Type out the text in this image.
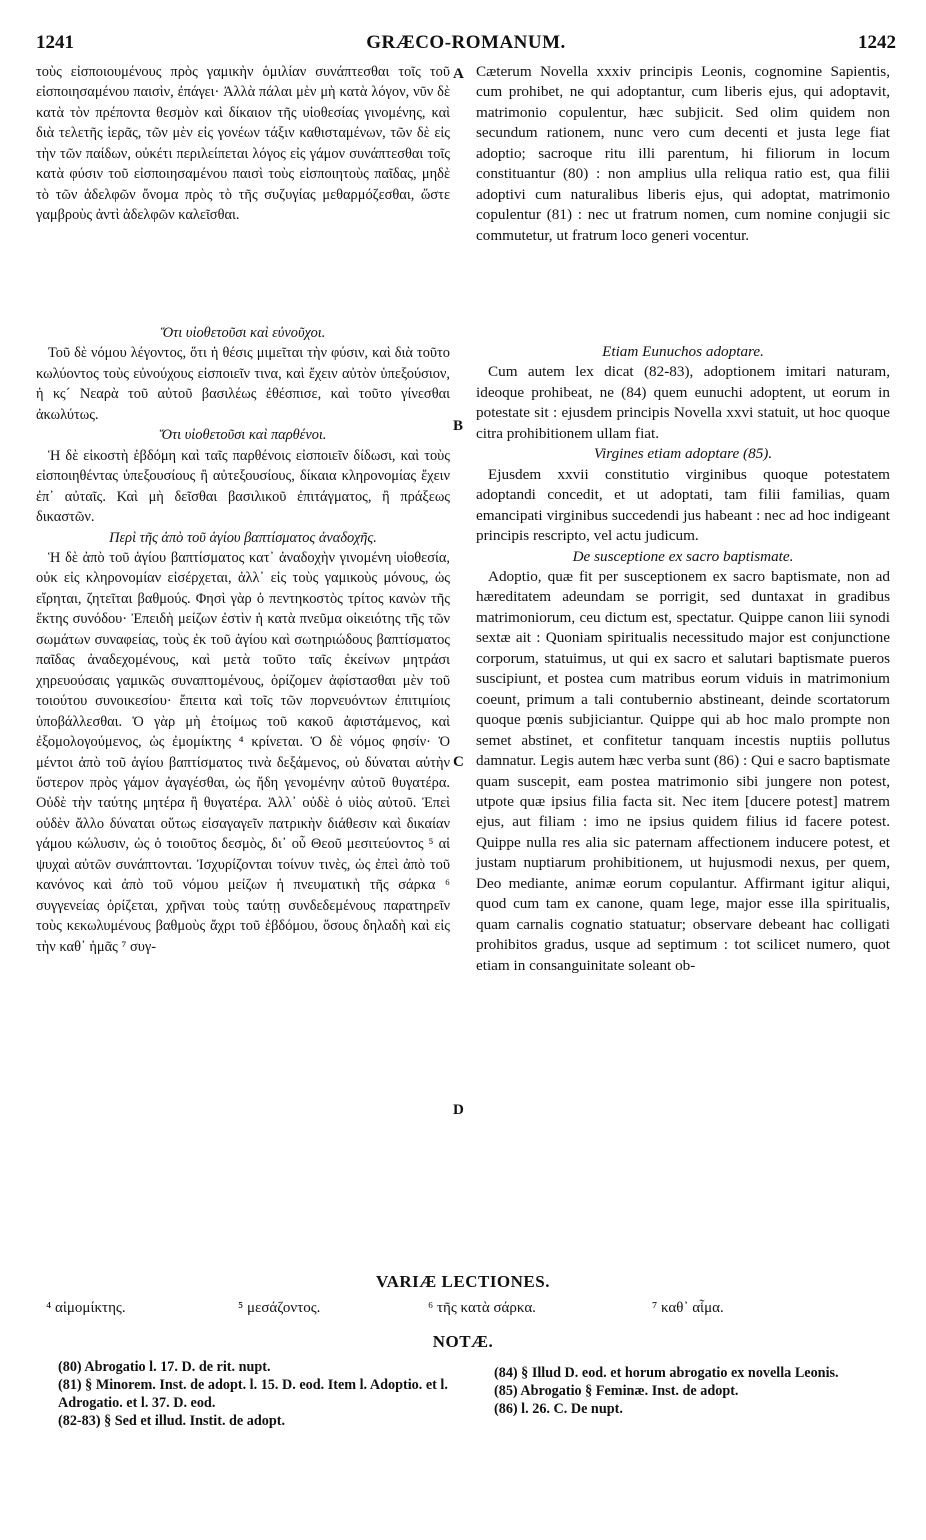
1241	GRÆCO-ROMANUM.	1242

τοὺς εἰσποιουμένους πρὸς γαμικὴν ὁμιλίαν συνάπτεσθαι τοῖς τοῦ εἰσποιησαμένου παισὶν, ἐπάγει· Ἀλλὰ πάλαι μὲν μὴ κατὰ λόγον, νῦν δὲ κατὰ τὸν πρέποντα θεσμὸν καὶ δίκαιον τῆς υἱοθεσίας γινομένης, καὶ διὰ τελετῆς ἱερᾶς, τῶν μὲν εἰς γονέων τάξιν καθισταμένων, τῶν δὲ εἰς τὴν τῶν παίδων, οὐκέτι περιλείπεται λόγος εἰς γάμον συνάπτεσθαι τοῖς κατὰ φύσιν τοῦ εἰσποιησαμένου παισὶ τοὺς εἰσποιητοὺς παῖδας, μηδὲ τὸ τῶν ἀδελφῶν ὄνομα πρὸς τὸ τῆς συζυγίας μεθαρμόζεσθαι, ὥστε γαμβροὺς ἀντὶ ἀδελφῶν καλεῖσθαι.

Ὅτι υἱοθετοῦσι καὶ εὐνοῦχοι.

Τοῦ δὲ νόμου λέγοντος, ὅτι ἡ θέσις μιμεῖται τὴν φύσιν, καὶ διὰ τοῦτο κωλύοντος τοὺς εὐνούχους εἰσποιεῖν τινα, καὶ ἔχειν αὐτὸν ὑπεξούσιον, ἡ κς´ Νεαρὰ τοῦ αὐτοῦ βασιλέως ἐθέσπισε, καὶ τοῦτο γίνεσθαι ἀκωλύτως.

Ὅτι υἱοθετοῦσι καὶ παρθένοι.

Ἡ δὲ εἰκοστὴ ἑβδόμη καὶ ταῖς παρθένοις εἰσποιεῖν δίδωσι, καὶ τοὺς εἰσποιηθέντας ὑπεξουσίους ἢ αὐτεξουσίους, δίκαια κληρονομίας ἔχειν ἐπ᾽ αὐταῖς. Καὶ μὴ δεῖσθαι βασιλικοῦ ἐπιτάγματος, ἢ πράξεως δικαστῶν.

Περὶ τῆς ἀπὸ τοῦ ἁγίου βαπτίσματος ἀναδοχῆς.

Ἡ δὲ ἀπὸ τοῦ ἁγίου βαπτίσματος κατ᾽ ἀναδοχὴν γινομένη υἱοθεσία, οὐκ εἰς κληρονομίαν εἰσέρχεται, ἀλλ᾽ εἰς τοὺς γαμικοὺς μόνους, ὡς εἴρηται, ζητεῖται βαθμούς. Φησὶ γὰρ ὁ πεντηκοστὸς τρίτος κανὼν τῆς ἕκτης συνόδου· Ἐπειδὴ μείζων ἐστὶν ἡ κατὰ πνεῦμα οἰκειότης τῆς τῶν σωμάτων συναφείας, τοὺς ἐκ τοῦ ἁγίου καὶ σωτηριώδους βαπτίσματος παῖδας ἀναδεχομένους, καὶ μετὰ τοῦτο ταῖς ἐκείνων μητράσι χηρευούσαις γαμικῶς συναπτομένους, ὁρίζομεν ἀφίστασθαι μὲν τοῦ τοιούτου συνοικεσίου· ἔπειτα καὶ τοῖς τῶν πορνευόντων ἐπιτιμίοις ὑποβάλλεσθαι. Ὁ γὰρ μὴ ἑτοίμως τοῦ κακοῦ ἀφιστάμενος, καὶ ἐξομολογούμενος, ὡς ἐμομίκτης ⁴ κρίνεται. Ὁ δὲ νόμος φησίν· Ὁ μέντοι ἀπὸ τοῦ ἁγίου βαπτίσματος τινὰ δεξάμενος, οὐ δύναται αὐτὴν ὕστερον πρὸς γάμον ἀγαγέσθαι, ὡς ἤδη γενομένην αὐτοῦ θυγατέρα. Οὐδὲ τὴν ταύτης μητέρα ἢ θυγατέρα. Ἀλλ᾽ οὐδὲ ὁ υἱὸς αὐτοῦ. Ἐπεὶ οὐδὲν ἄλλο δύναται οὕτως εἰσαγαγεῖν πατρικὴν διάθεσιν καὶ δικαίαν γάμου κώλυσιν, ὡς ὁ τοιοῦτος δεσμὸς, δι᾽ οὗ Θεοῦ μεσιτεύοντος ⁵ αἱ ψυχαὶ αὐτῶν συνάπτονται. Ἰσχυρίζονται τοίνυν τινὲς, ὡς ἐπεὶ ἀπὸ τοῦ κανόνος καὶ ἀπὸ τοῦ νόμου μείζων ἡ πνευματικὴ τῆς σάρκα ⁶ συγγενείας ὁρίζεται, χρῆναι τοὺς ταύτῃ συνδεδεμένους παρατηρεῖν τοὺς κεκωλυμένους βαθμοὺς ἄχρι τοῦ ἑβδόμου, ὅσους δηλαδὴ καὶ εἰς τὴν καθ᾽ ἡμᾶς ⁷ συγ-

A
B
C
D

Cæterum Novella xxxiv principis Leonis, cognomine Sapientis, cum prohibet, ne qui adoptantur, cum liberis ejus, qui adoptavit, matrimonio copulentur, hæc subjicit. Sed olim quidem non secundum rationem, nunc vero cum decenti et justa lege fiat adoptio; sacroque ritu illi parentum, hi filiorum in locum constituantur (80) : non amplius ulla reliqua ratio est, qua filii adoptivi cum naturalibus liberis ejus, qui adoptat, matrimonio copulentur (81) : nec ut fratrum nomen, cum nomine conjugii sic commutetur, ut fratrum loco generi vocentur.

Etiam Eunuchos adoptare.

Cum autem lex dicat (82-83), adoptionem imitari naturam, ideoque prohibeat, ne (84) quem eunuchi adoptent, ut eorum in potestate sit : ejusdem principis Novella xxvi statuit, ut hoc quoque citra prohibitionem ullam fiat.

Virgines etiam adoptare (85).

Ejusdem xxvii constitutio virginibus quoque potestatem adoptandi concedit, et ut adoptati, tam filii familias, quam emancipati virginibus succedendi jus habeant : nec ad hoc indigeant principis rescripto, vel actu judicum.

De susceptione ex sacro baptismate.

Adoptio, quæ fit per susceptionem ex sacro baptismate, non ad hæreditatem adeundam se porrigit, sed duntaxat in gradibus matrimoniorum, ceu dictum est, spectatur. Quippe canon liii synodi sextæ ait : Quoniam spiritualis necessitudo major est conjunctione corporum, statuimus, ut qui ex sacro et salutari baptismate pueros suscipiunt, et postea cum matribus eorum viduis in matrimonium coeunt, primum a tali contubernio abstineant, deinde scortatorum quoque pœnis subjiciantur. Quippe qui ab hoc malo prompte non semet abstinet, et confitetur tanquam incestis nuptiis pollutus damnatur. Legis autem hæc verba sunt (86) : Qui e sacro baptismate quam suscepit, eam postea matrimonio sibi jungere non potest, utpote quæ ipsius filia facta sit. Nec item [ducere potest] matrem ejus, aut filiam : imo ne ipsius quidem filius id facere potest. Quippe nulla res alia sic paternam affectionem inducere potest, et justam nuptiarum prohibitionem, ut hujusmodi nexus, per quem, Deo mediante, animæ eorum copulantur. Affirmant igitur aliqui, quod cum tam ex canone, quam lege, major esse illa spiritualis, quam carnalis cognatio statuatur; observare debeant hac colligati prohibitos gradus, usque ad septimum : tot scilicet numero, quot etiam in consanguinitate soleant ob-

VARIÆ LECTIONES.
⁴ αἱμομίκτης.	⁵ μεσάζοντος.	⁶ τῆς κατὰ σάρκα.	⁷ καθ᾽ αἷμα.
NOTÆ.
(80) Abrogatio l. 17. D. de rit. nupt.
(81) § Minorem. Inst. de adopt. l. 15. D. eod. Item l. Adoptio. et l. Adrogatio. et l. 37. D. eod.
(82-83) § Sed et illud. Instit. de adopt.
(84) § Illud D. eod. et horum abrogatio ex novella Leonis.
(85) Abrogatio § Feminæ. Inst. de adopt.
(86) l. 26. C. De nupt.
